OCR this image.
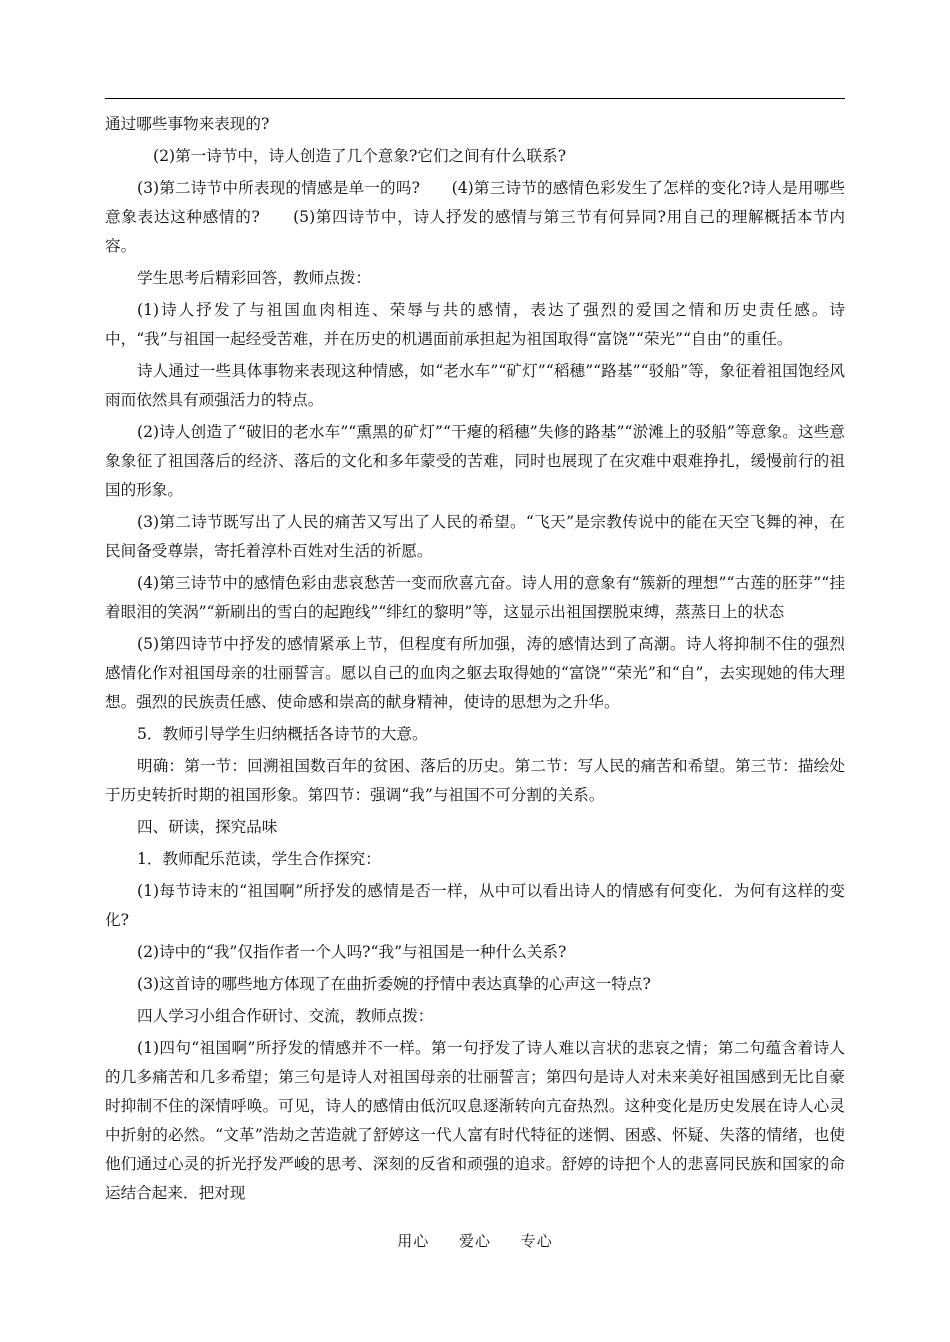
通过哪些事物来表现的?

(2)第一诗节中，诗人创造了几个意象?它们之间有什么联系?

(3)第二诗节中所表现的情感是单一的吗?　　(4)第三诗节的感情色彩发生了怎样的变化?诗人是用哪些意象表达这种感情的?　　(5)第四诗节中，诗人抒发的感情与第三节有何异同?用自己的理解概括本节内容。

学生思考后精彩回答，教师点拨：

(1)诗人抒发了与祖国血肉相连、荣辱与共的感情，表达了强烈的爱国之情和历史责任感。诗中，“我”与祖国一起经受苦难，并在历史的机遇面前承担起为祖国取得“富饶”“荣光”“自由”的重任。

诗人通过一些具体事物来表现这种情感，如“老水车”“矿灯”“稻穗”“路基”“驳船”等，象征着祖国饱经风雨而依然具有顽强活力的特点。

(2)诗人创造了“破旧的老水车”“熏黑的矿灯”“干瘪的稻穗”失修的路基”“淤滩上的驳船”等意象。这些意象象征了祖国落后的经济、落后的文化和多年蒙受的苦难，同时也展现了在灾难中艰难挣扎，缓慢前行的祖国的形象。

(3)第二诗节既写出了人民的痛苦又写出了人民的希望。“飞天”是宗教传说中的能在天空飞舞的神，在民间备受尊崇，寄托着淳朴百姓对生活的祈愿。

(4)第三诗节中的感情色彩由悲哀愁苦一变而欣喜亢奋。诗人用的意象有“簇新的理想”“古莲的胚芽”“挂着眼泪的笑涡”“新刷出的雪白的起跑线”“绯红的黎明”等，这显示出祖国摆脱束缚，蒸蒸日上的状态

(5)第四诗节中抒发的感情紧承上节，但程度有所加强，涛的感情达到了高潮。诗人将抑制不住的强烈感情化作对祖国母亲的壮丽誓言。愿以自己的血肉之躯去取得她的“富饶”“荣光”和“自”，去实现她的伟大理想。强烈的民族责任感、使命感和崇高的献身精神，使诗的思想为之升华。

5．教师引导学生归纳概括各诗节的大意。

明确：第一节：回溯祖国数百年的贫困、落后的历史。第二节：写人民的痛苦和希望。第三节：描绘处于历史转折时期的祖国形象。第四节：强调“我”与祖国不可分割的关系。

四、研读，探究品味

1．教师配乐范读，学生合作探究：

(1)每节诗末的“祖国啊”所抒发的感情是否一样，从中可以看出诗人的情感有何变化．为何有这样的变化?

(2)诗中的“我”仅指作者一个人吗?“我”与祖国是一种什么关系?

(3)这首诗的哪些地方体现了在曲折委婉的抒情中表达真挚的心声这一特点?

四人学习小组合作研讨、交流，教师点拨：

(1)四句“祖国啊”所抒发的情感并不一样。第一句抒发了诗人难以言状的悲哀之情；第二句蕴含着诗人的几多痛苦和几多希望；第三句是诗人对祖国母亲的壮丽誓言；第四句是诗人对未来美好祖国感到无比自豪时抑制不住的深情呼唤。可见，诗人的感情由低沉叹息逐渐转向亢奋热烈。这种变化是历史发展在诗人心灵中折射的必然。“文革”浩劫之苦造就了舒婷这一代人富有时代特征的迷惘、困惑、怀疑、失落的情绪，也使他们通过心灵的折光抒发严峻的思考、深刻的反省和顽强的追求。舒婷的诗把个人的悲喜同民族和国家的命运结合起来．把对现

用心 爱心 专心
